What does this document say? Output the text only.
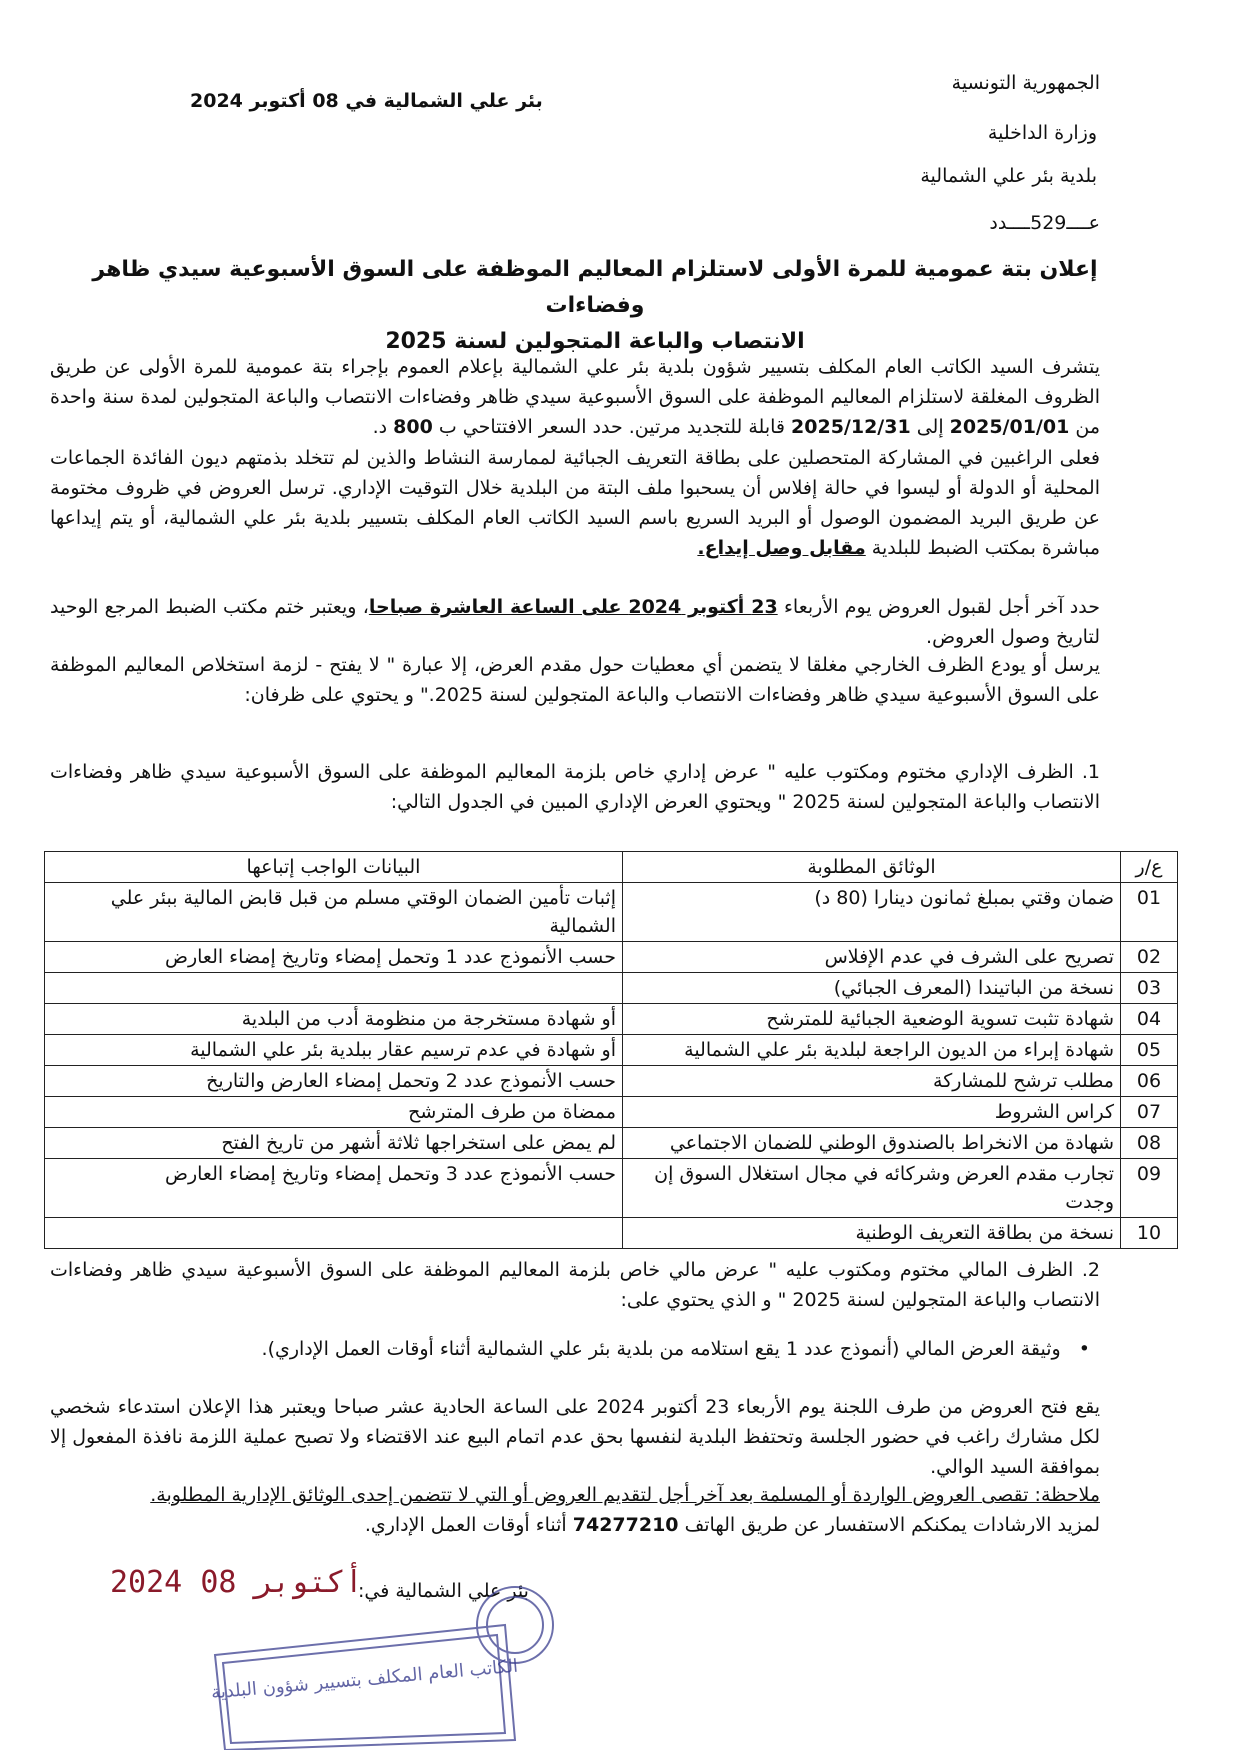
الجمهورية التونسية
وزارة الداخلية
بلدية بئر علي الشمالية
عــــ529ــــدد
بئر علي الشمالية في 08 أكتوبر 2024
إعلان بتة عمومية للمرة الأولى لاستلزام المعاليم الموظفة على السوق الأسبوعية سيدي ظاهر وفضاءات
الانتصاب والباعة المتجولين لسنة 2025

يتشرف السيد الكاتب العام المكلف بتسيير شؤون بلدية بئر علي الشمالية بإعلام العموم بإجراء بتة عمومية للمرة الأولى عن طريق الظروف المغلقة لاستلزام المعاليم الموظفة على السوق الأسبوعية سيدي ظاهر وفضاءات الانتصاب والباعة المتجولين لمدة سنة واحدة من 2025/01/01 إلى 2025/12/31 قابلة للتجديد مرتين. حدد السعر الافتتاحي ب 800 د.

فعلى الراغبين في المشاركة المتحصلين على بطاقة التعريف الجبائية لممارسة النشاط والذين لم تتخلد بذمتهم ديون الفائدة الجماعات المحلية أو الدولة أو ليسوا في حالة إفلاس أن يسحبوا ملف البتة من البلدية خلال التوقيت الإداري. ترسل العروض في ظروف مختومة عن طريق البريد المضمون الوصول أو البريد السريع باسم السيد الكاتب العام المكلف بتسيير بلدية بئر علي الشمالية، أو يتم إيداعها مباشرة بمكتب الضبط للبلدية مقابل وصل إيداع.

حدد آخر أجل لقبول العروض يوم الأربعاء 23 أكتوبر 2024 على الساعة العاشرة صباحا، ويعتبر ختم مكتب الضبط المرجع الوحيد لتاريخ وصول العروض.

يرسل أو يودع الظرف الخارجي مغلقا لا يتضمن أي معطيات حول مقدم العرض، إلا عبارة " لا يفتح - لزمة استخلاص المعاليم الموظفة على السوق الأسبوعية سيدي ظاهر وفضاءات الانتصاب والباعة المتجولين لسنة 2025." و يحتوي على ظرفان:

1. الظرف الإداري مختوم ومكتوب عليه " عرض إداري خاص بلزمة المعاليم الموظفة على السوق الأسبوعية سيدي ظاهر وفضاءات الانتصاب والباعة المتجولين لسنة 2025 " ويحتوي العرض الإداري المبين في الجدول التالي:

ع/ر	الوثائق المطلوبة	البيانات الواجب إتباعها
01	ضمان وقتي بمبلغ ثمانون دينارا (80 د)	إثبات تأمين الضمان الوقتي مسلم من قبل قابض المالية ببئر علي الشمالية
02	تصريح على الشرف في عدم الإفلاس	حسب الأنموذج عدد 1 وتحمل إمضاء وتاريخ إمضاء العارض
03	نسخة من الباتيندا (المعرف الجبائي)	
04	شهادة تثبت تسوية الوضعية الجبائية للمترشح	أو شهادة مستخرجة من منظومة أدب من البلدية
05	شهادة إبراء من الديون الراجعة لبلدية بئر علي الشمالية	أو شهادة في عدم ترسيم عقار ببلدية بئر علي الشمالية
06	مطلب ترشح للمشاركة	حسب الأنموذج عدد 2 وتحمل إمضاء العارض والتاريخ
07	كراس الشروط	ممضاة من طرف المترشح
08	شهادة من الانخراط بالصندوق الوطني للضمان الاجتماعي	لم يمض على استخراجها ثلاثة أشهر من تاريخ الفتح
09	تجارب مقدم العرض وشركائه في مجال استغلال السوق إن وجدت	حسب الأنموذج عدد 3 وتحمل إمضاء وتاريخ إمضاء العارض
10	نسخة من بطاقة التعريف الوطنية	

2. الظرف المالي مختوم ومكتوب عليه " عرض مالي خاص بلزمة المعاليم الموظفة على السوق الأسبوعية سيدي ظاهر وفضاءات الانتصاب والباعة المتجولين لسنة 2025 " و الذي يحتوي على:

•   وثيقة العرض المالي (أنموذج عدد 1 يقع استلامه من بلدية بئر علي الشمالية أثناء أوقات العمل الإداري).

يقع فتح العروض من طرف اللجنة يوم الأربعاء 23 أكتوبر 2024 على الساعة الحادية عشر صباحا ويعتبر هذا الإعلان استدعاء شخصي لكل مشارك راغب في حضور الجلسة وتحتفظ البلدية لنفسها بحق عدم اتمام البيع عند الاقتضاء ولا تصبح عملية اللزمة نافذة المفعول إلا بموافقة السيد الوالي.

ملاحظة: تقصى العروض الواردة أو المسلمة بعد آخر أجل لتقديم العروض أو التي لا تتضمن إحدى الوثائق الإدارية المطلوبة.

لمزيد الارشادات يمكنكم الاستفسار عن طريق الهاتف 74277210 أثناء أوقات العمل الإداري.

بئر علي الشمالية في:
2024 أكتوبر 08
الكاتب العام المكلف بتسيير شؤون البلدية
